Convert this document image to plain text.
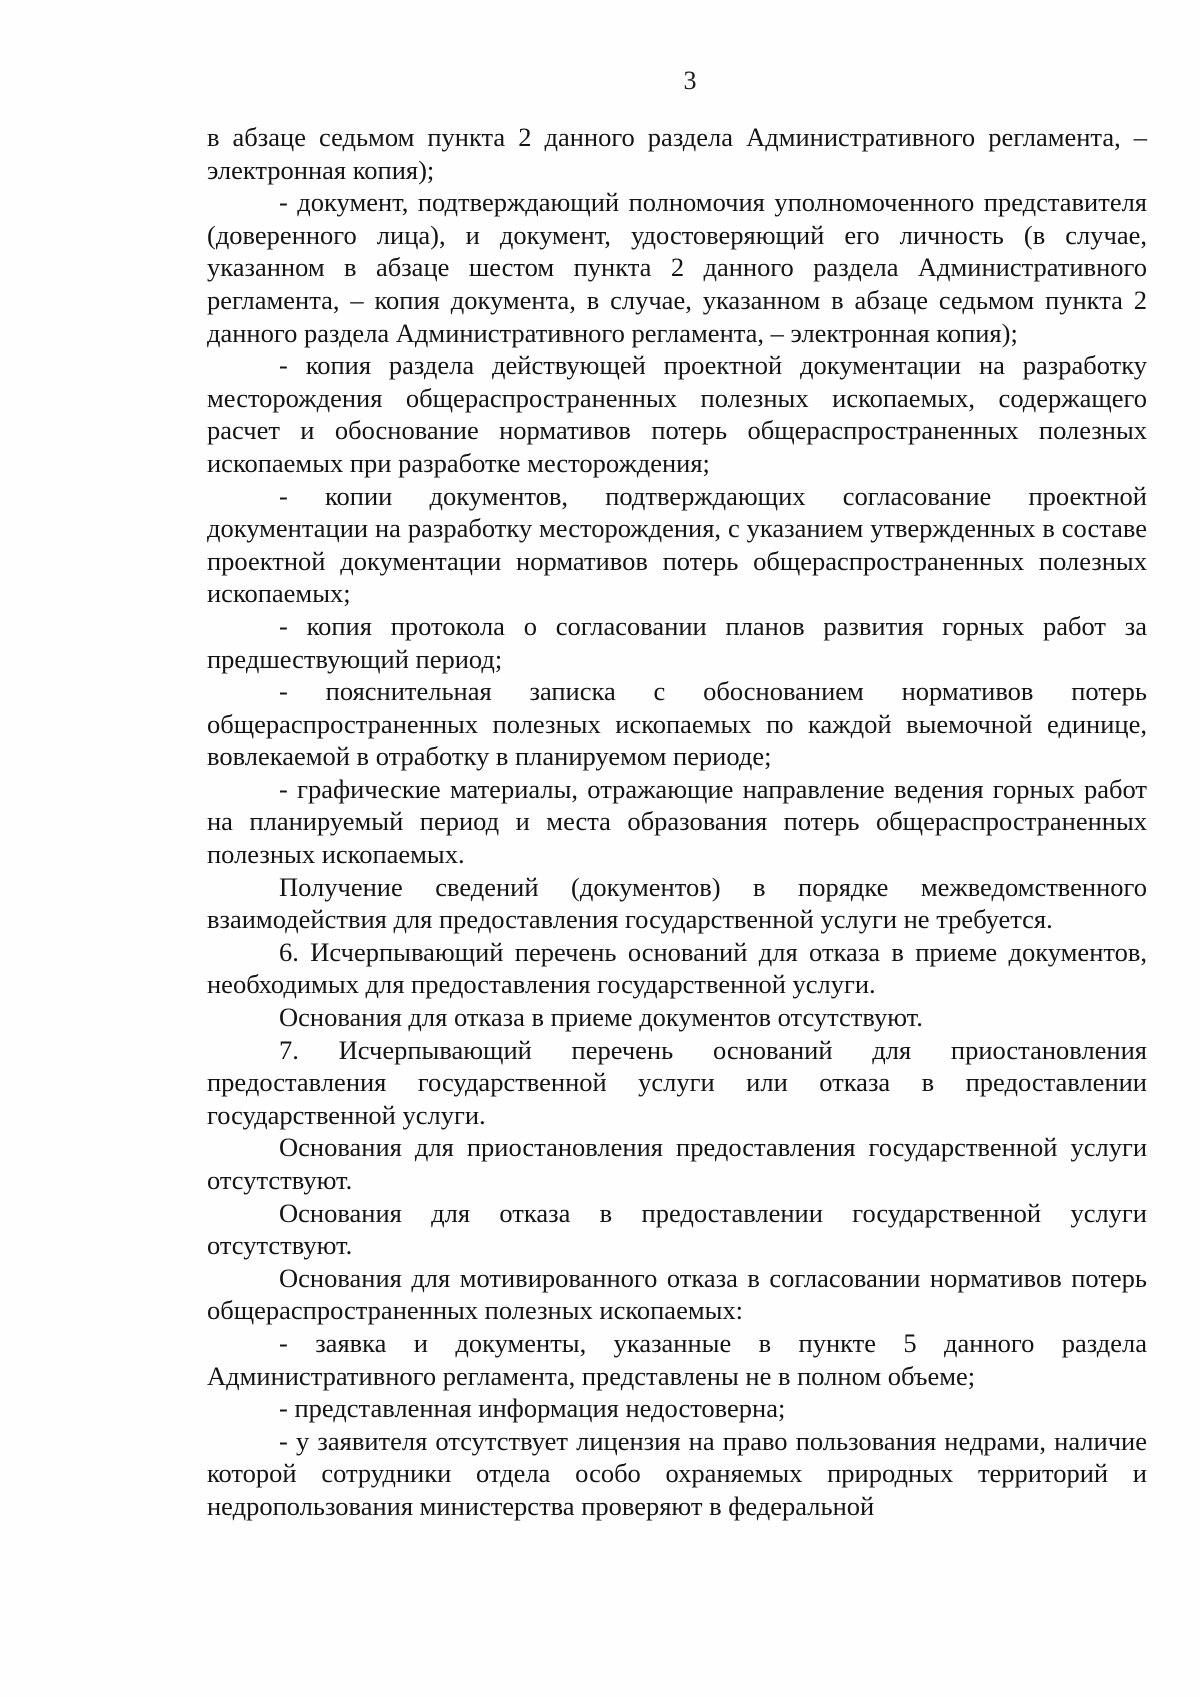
3

в абзаце седьмом пункта 2 данного раздела Административного регламента, – электронная копия);

- документ, подтверждающий полномочия уполномоченного представителя (доверенного лица), и документ, удостоверяющий его личность (в случае, указанном в абзаце шестом пункта 2 данного раздела Административного регламента, – копия документа, в случае, указанном в абзаце седьмом пункта 2 данного раздела Административного регламента, – электронная копия);

- копия раздела действующей проектной документации на разработку месторождения общераспространенных полезных ископаемых, содержащего расчет и обоснование нормативов потерь общераспространенных полезных ископаемых при разработке месторождения;

- копии документов, подтверждающих согласование проектной документации на разработку месторождения, с указанием утвержденных в составе проектной документации нормативов потерь общераспространенных полезных ископаемых;

- копия протокола о согласовании планов развития горных работ за предшествующий период;

- пояснительная записка с обоснованием нормативов потерь общераспространенных полезных ископаемых по каждой выемочной единице, вовлекаемой в отработку в планируемом периоде;

- графические материалы, отражающие направление ведения горных работ на планируемый период и места образования потерь общераспространенных полезных ископаемых.

Получение сведений (документов) в порядке межведомственного взаимодействия для предоставления государственной услуги не требуется.

6. Исчерпывающий перечень оснований для отказа в приеме документов, необходимых для предоставления государственной услуги.

Основания для отказа в приеме документов отсутствуют.

7. Исчерпывающий перечень оснований для приостановления предоставления государственной услуги или отказа в предоставлении государственной услуги.

Основания для приостановления предоставления государственной услуги отсутствуют.

Основания для отказа в предоставлении государственной услуги отсутствуют.

Основания для мотивированного отказа в согласовании нормативов потерь общераспространенных полезных ископаемых:

- заявка и документы, указанные в пункте 5 данного раздела Административного регламента, представлены не в полном объеме;

- представленная информация недостоверна;

- у заявителя отсутствует лицензия на право пользования недрами, наличие которой сотрудники отдела особо охраняемых природных территорий и недропользования министерства проверяют в федеральной
